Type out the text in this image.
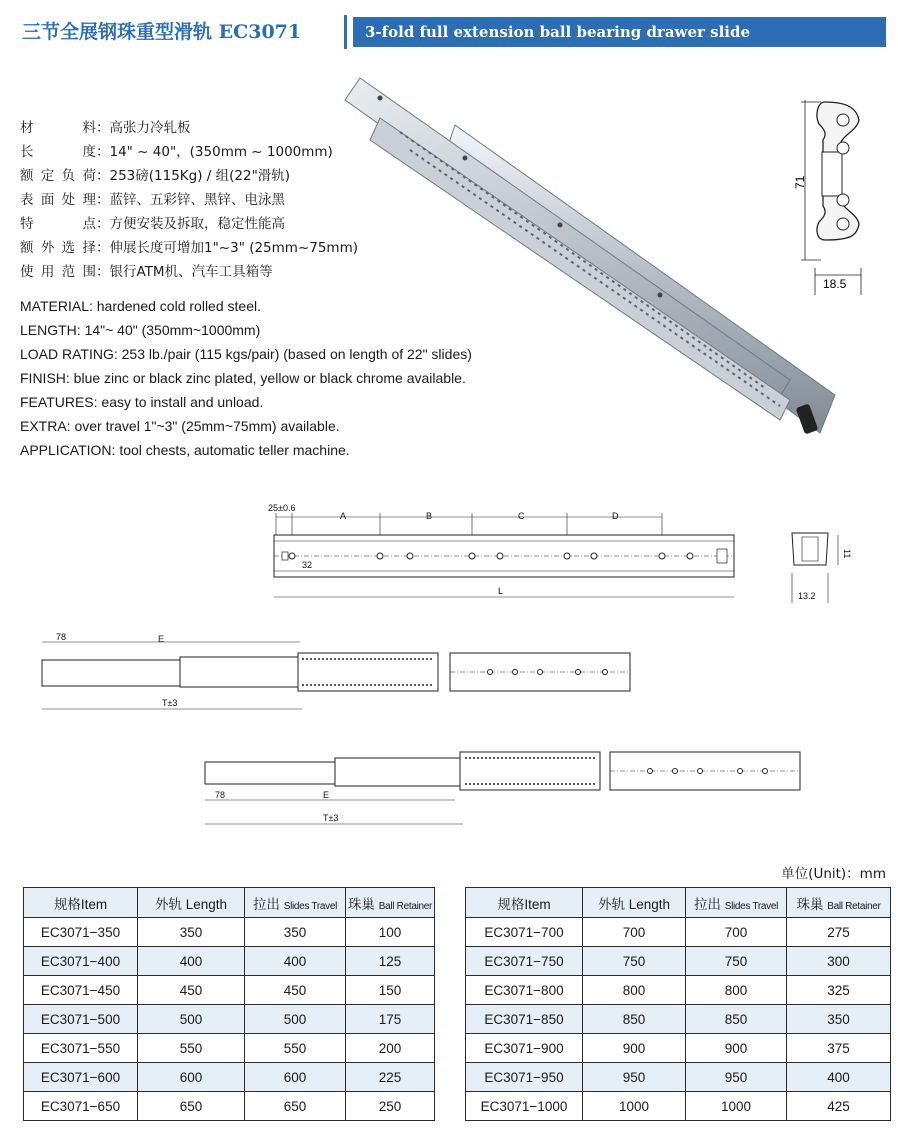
三节全展钢珠重型滑轨 EC3071	3-fold full extension ball bearing drawer slide
71
18.5
材 料：高张力冷轧板
长 度：14" ~ 40"，(350mm ~ 1000mm)
额定负荷：253磅(115Kg) / 组(22"滑轨)
表面处理：蓝锌、五彩锌、黑锌、电泳黑
特 点：方便安装及拆取，稳定性能高
额外选择：伸展长度可增加1"~3" (25mm~75mm)
使用范围：银行ATM机、汽车工具箱等
MATERIAL: hardened cold rolled steel.
LENGTH: 14"~ 40" (350mm~1000mm)
LOAD RATING: 253 lb./pair (115 kgs/pair) (based on length of 22" slides)
FINISH: blue zinc or black zinc plated, yellow or black chrome available.
FEATURES: easy to install and unload.
EXTRA: over travel 1"~3" (25mm~75mm) available.
APPLICATION: tool chests, automatic teller machine.
25±0.6
A	B	C	D
32
L
11
13.2
78	E
T±3
78	E
T±3
单位(Unit)：mm
规格Item	外轨 Length	拉出 Slides Travel	珠巢 Ball Retainer
EC3071−350	350	350	100
EC3071−400	400	400	125
EC3071−450	450	450	150
EC3071−500	500	500	175
EC3071−550	550	550	200
EC3071−600	600	600	225
EC3071−650	650	650	250
规格Item	外轨 Length	拉出 Slides Travel	珠巢 Ball Retainer
EC3071−700	700	700	275
EC3071−750	750	750	300
EC3071−800	800	800	325
EC3071−850	850	850	350
EC3071−900	900	900	375
EC3071−950	950	950	400
EC3071−1000	1000	1000	425
